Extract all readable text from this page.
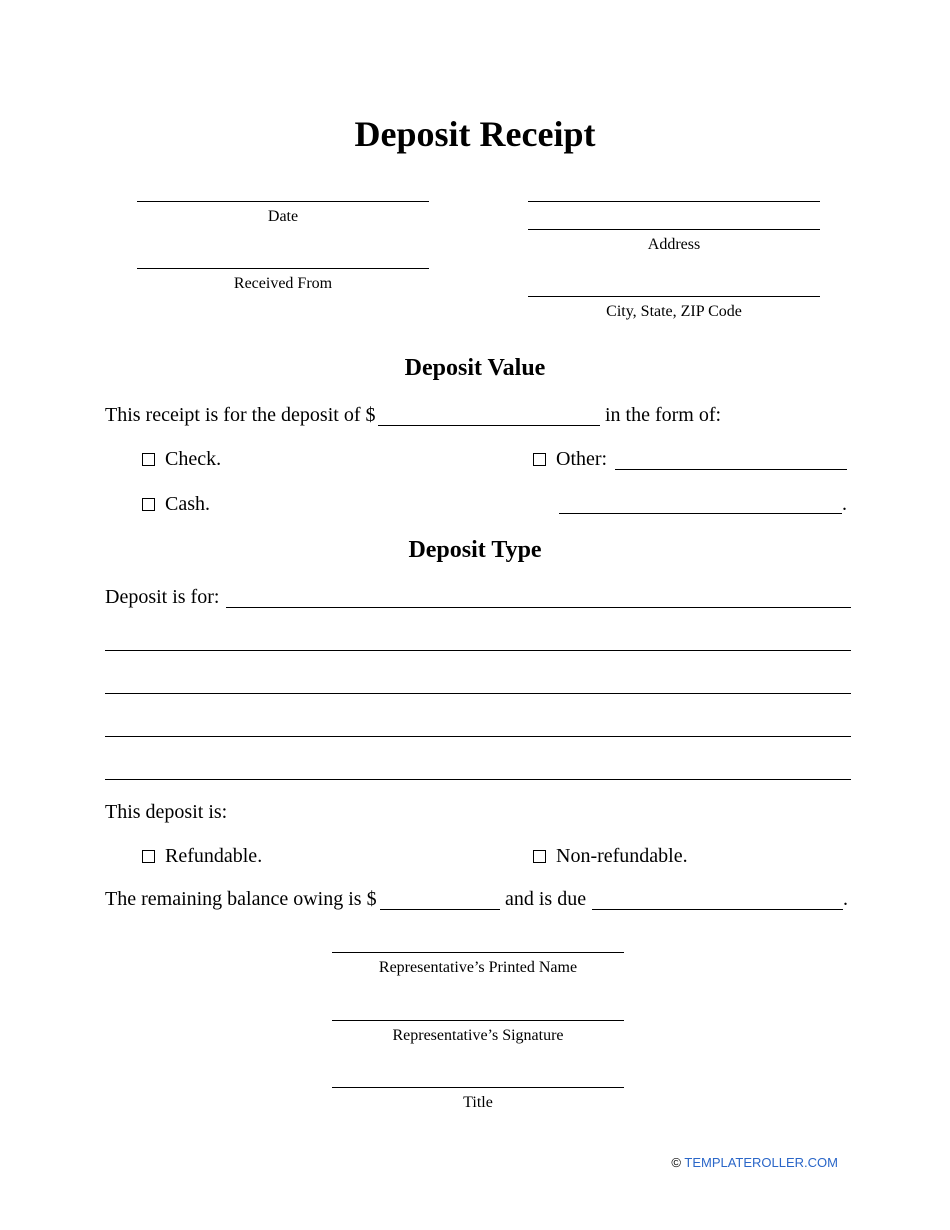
Deposit Receipt
Date
Received From
Address
City, State, ZIP Code
Deposit Value
This receipt is for the deposit of $	in the form of:
Check.	Other:
Cash.	.
Deposit Type
Deposit is for:
This deposit is:
Refundable.	Non-refundable.
The remaining balance owing is $	and is due	.
Representative’s Printed Name
Representative’s Signature
Title
© TEMPLATEROLLER.COM
